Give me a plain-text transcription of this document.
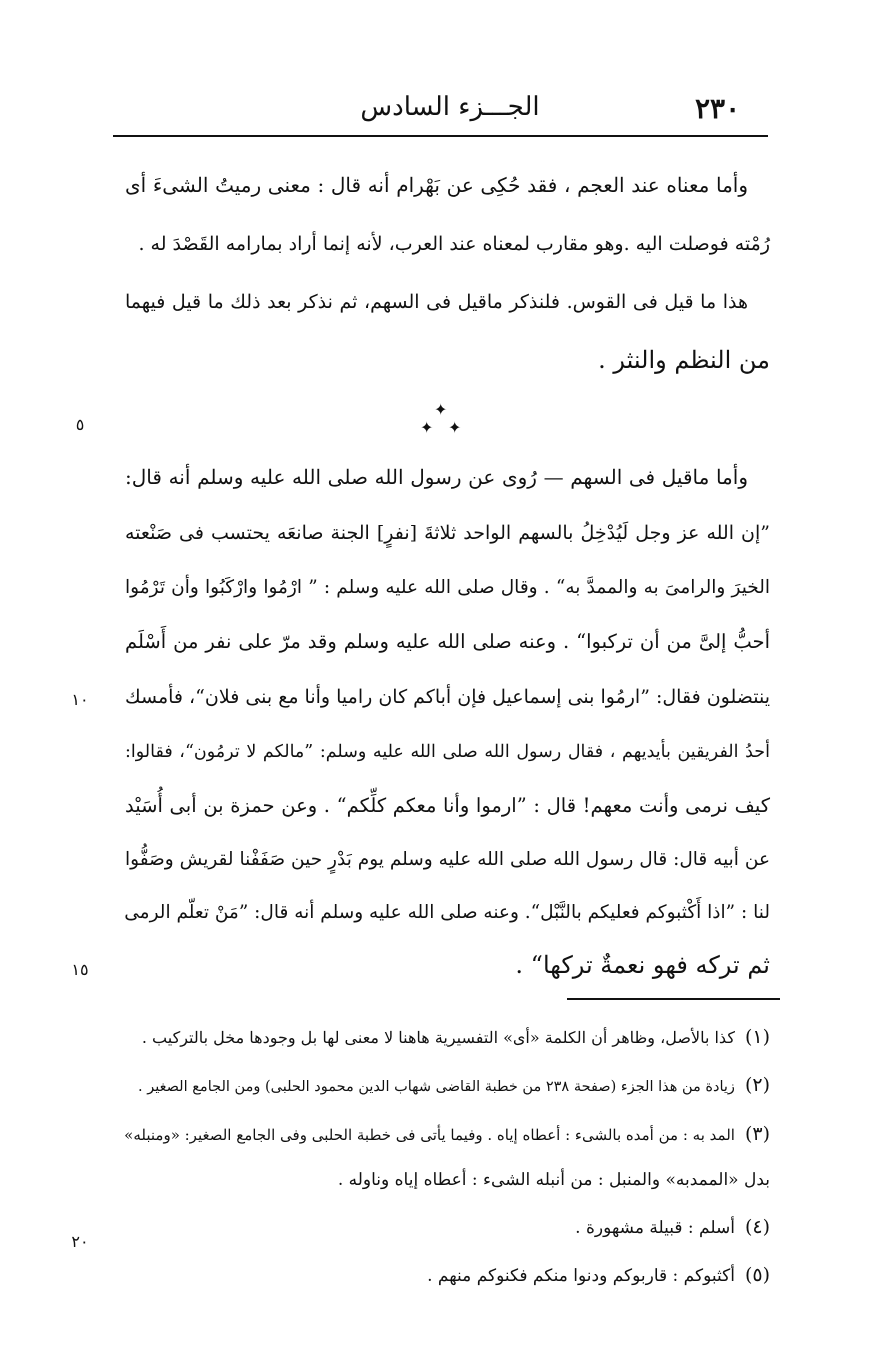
٢٣٠
الجـــزء السادس
وأما معناه عند العجم ، فقد حُكِى عن بَهْرام أنه قال : معنى رميتُ الشىءَ أى
رُمْته فوصلت اليه .وهو مقارب لمعناه عند العرب، لأنه إنما أراد بمارامه القَصْدَ له .
هذا ما قيل فى القوس. فلنذكر ماقيل فى السهم، ثم نذكر بعد ذلك ما قيل فيهما
من النظم والنثر .
✦
✦ ✦
وأما ماقيل فى السهم — رُوى عن رسول الله صلى الله عليه وسلم أنه قال:
”إن الله عز وجل لَيُدْخِلُ بالسهم الواحد ثلاثةَ [نفرٍ] الجنة صانعَه يحتسب فى صَنْعته
الخيرَ والرامىَ به والممدَّ به“ . وقال صلى الله عليه وسلم : ” ارْمُوا وارْكَبُوا وأن تَرْمُوا
أحبُّ إلىَّ من أن تركبوا“ . وعنه صلى الله عليه وسلم وقد مرّ على نفر من أَسْلَم
ينتضلون فقال: ”ارمُوا بنى إسماعيل فإن أباكم كان راميا وأنا مع بنى فلان“، فأمسك
أحدُ الفريقين بأيديهم ، فقال رسول الله صلى الله عليه وسلم: ”مالكم لا ترمُون“، فقالوا:
كيف نرمى وأنت معهم! قال : ”ارموا وأنا معكم كلِّكم“ . وعن حمزة بن أبى أُسَيْد
عن أبيه قال: قال رسول الله صلى الله عليه وسلم يوم بَدْرٍ حين صَفَفْنا لقريش وصَفُّوا
لنا : ”اذا أَكْثبوكم فعليكم بالنَّبْل“. وعنه صلى الله عليه وسلم أنه قال: ”مَنْ تعلّم الرمى
ثم تركه فهو نعمةٌ تركها“ .
٥
١٠
١٥
٢٠
(١)كذا بالأصل، وظاهر أن الكلمة «أى» التفسيرية هاهنا لا معنى لها بل وجودها مخل بالتركيب .
(٢)زيادة من هذا الجزء (صفحة ٢٣٨ من خطبة القاضى شهاب الدين محمود الحلبى) ومن الجامع الصغير .
(٣)المد به : من أمده بالشىء : أعطاه إياه . وفيما يأتى فى خطبة الحلبى وفى الجامع الصغير: «ومنبله»
بدل «الممدبه» والمنبل : من أنبله الشىء : أعطاه إياه وناوله .
(٤)أسلم : قبيلة مشهورة .
(٥)أكثبوكم : قاربوكم ودنوا منكم فكنوكم منهم .
